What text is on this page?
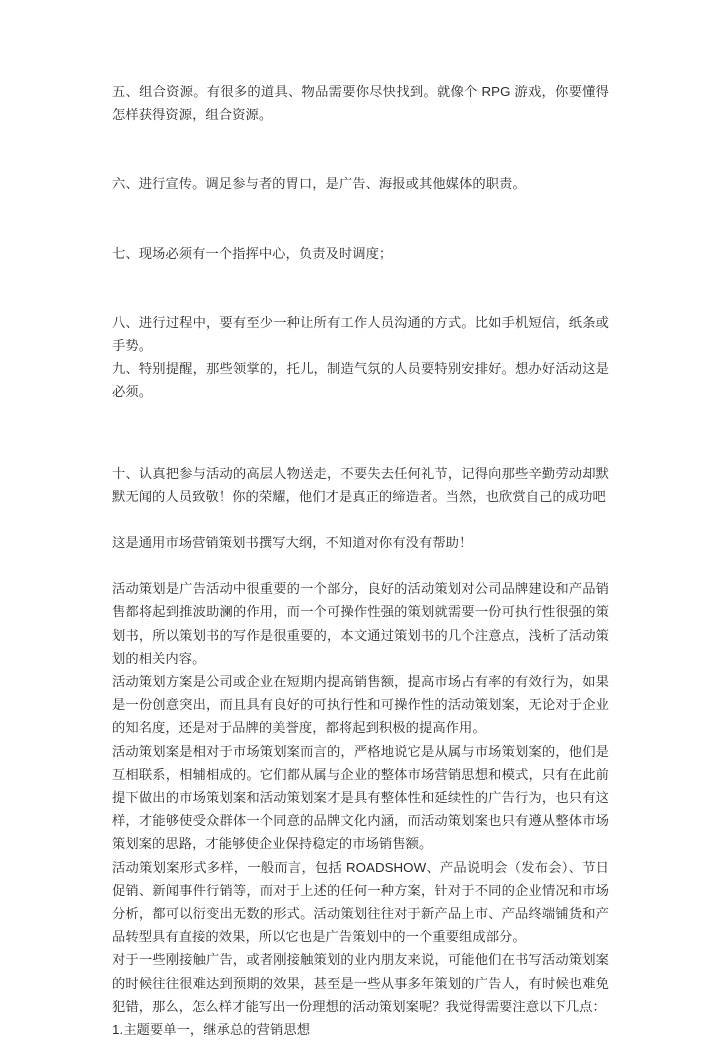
五、组合资源。有很多的道具、物品需要你尽快找到。就像个 RPG 游戏，你要懂得怎样获得资源，组合资源。

六、进行宣传。调足参与者的胃口，是广告、海报或其他媒体的职责。

七、现场必须有一个指挥中心，负责及时调度；

八、进行过程中，要有至少一种让所有工作人员沟通的方式。比如手机短信，纸条或手势。

九、特别提醒，那些领掌的，托儿，制造气氛的人员要特别安排好。想办好活动这是必须。

十、认真把参与活动的高层人物送走，不要失去任何礼节，记得向那些辛勤劳动却默默无闻的人员致敬！你的荣耀，他们才是真正的缔造者。当然，也欣赏自己的成功吧

这是通用市场营销策划书撰写大纲，不知道对你有没有帮助！

活动策划是广告活动中很重要的一个部分，良好的活动策划对公司品牌建设和产品销售都将起到推波助澜的作用，而一个可操作性强的策划就需要一份可执行性很强的策划书，所以策划书的写作是很重要的，本文通过策划书的几个注意点，浅析了活动策划的相关内容。

活动策划方案是公司或企业在短期内提高销售额，提高市场占有率的有效行为，如果是一份创意突出，而且具有良好的可执行性和可操作性的活动策划案，无论对于企业的知名度，还是对于品牌的美誉度，都将起到积极的提高作用。

活动策划案是相对于市场策划案而言的，严格地说它是从属与市场策划案的，他们是互相联系，相辅相成的。它们都从属与企业的整体市场营销思想和模式，只有在此前提下做出的市场策划案和活动策划案才是具有整体性和延续性的广告行为，也只有这样，才能够使受众群体一个同意的品牌文化内涵，而活动策划案也只有遵从整体市场策划案的思路，才能够使企业保持稳定的市场销售额。

活动策划案形式多样，一般而言，包括 ROADSHOW、产品说明会（发布会）、节日促销、新闻事件行销等，而对于上述的任何一种方案，针对于不同的企业情况和市场分析，都可以衍变出无数的形式。活动策划往往对于新产品上市、产品终端铺货和产品转型具有直接的效果，所以它也是广告策划中的一个重要组成部分。

对于一些刚接触广告，或者刚接触策划的业内朋友来说，可能他们在书写活动策划案的时候往往很难达到预期的效果，甚至是一些从事多年策划的广告人，有时候也难免犯错，那么，怎么样才能写出一份理想的活动策划案呢？我觉得需要注意以下几点：

1.主题要单一，继承总的营销思想
